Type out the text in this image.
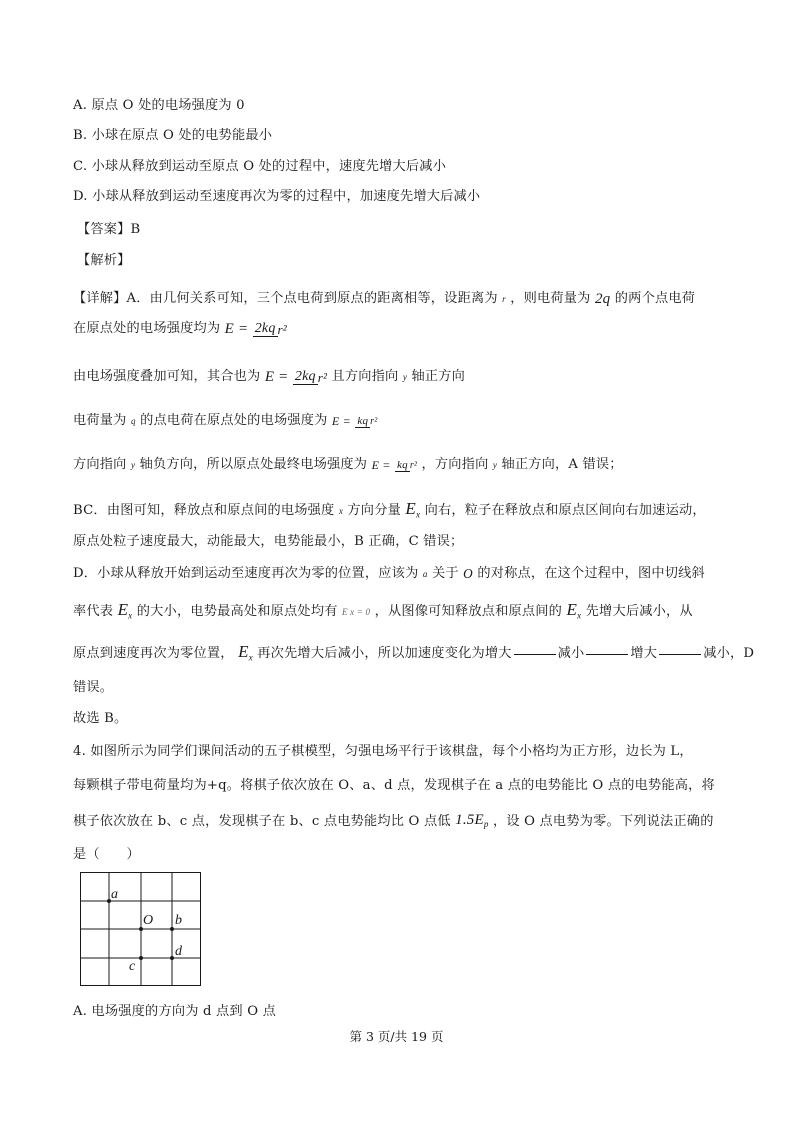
A. 原点 O 处的电场强度为 0
B. 小球在原点 O 处的电势能最小
C. 小球从释放到运动至原点 O 处的过程中，速度先增大后减小
D. 小球从释放到运动至速度再次为零的过程中，加速度先增大后减小
【答案】B
【解析】
【详解】A．由几何关系可知，三个点电荷到原点的距离相等，设距离为 r ，则电荷量为 2q 的两个点电荷
在原点处的电场强度均为 E = 2kq r²
由电场强度叠加可知，其合也为 E = 2kq r² 且方向指向 y 轴正方向
电荷量为 q 的点电荷在原点处的电场强度为 E = kq r²
方向指向 y 轴负方向，所以原点处最终电场强度为 E = kq r² ，方向指向 y 轴正方向，A 错误；
BC．由图可知，释放点和原点间的电场强度 x 方向分量 $E_x$ 向右，粒子在释放点和原点区间向右加速运动，
原点处粒子速度最大，动能最大，电势能最小，B 正确，C 错误；
D．小球从释放开始到运动至速度再次为零的位置，应该为 a 关于 O 的对称点，在这个过程中，图中切线斜
率代表 $E_x$ 的大小，电势最高处和原点处均有 E x = 0 ，从图像可知释放点和原点间的 $E_x$ 先增大后减小，从
原点到速度再次为零位置， $E_x$ 再次先增大后减小，所以加速度变化为增大	减小	增大	减小，D
错误。
故选 B。
4. 如图所示为同学们课间活动的五子棋模型，匀强电场平行于该棋盘，每个小格均为正方形，边长为 L，
每颗棋子带电荷量均为+q。将棋子依次放在 O、a、d 点，发现棋子在 a 点的电势能比 O 点的电势能高，将
棋子依次放在 b、c 点，发现棋子在 b、c 点电势能均比 O 点低 $1.5E_p$ ，设 O 点电势为零。下列说法正确的
是（　　）
a
O b
d
c
A. 电场强度的方向为 d 点到 O 点
第 3 页/共 19 页
